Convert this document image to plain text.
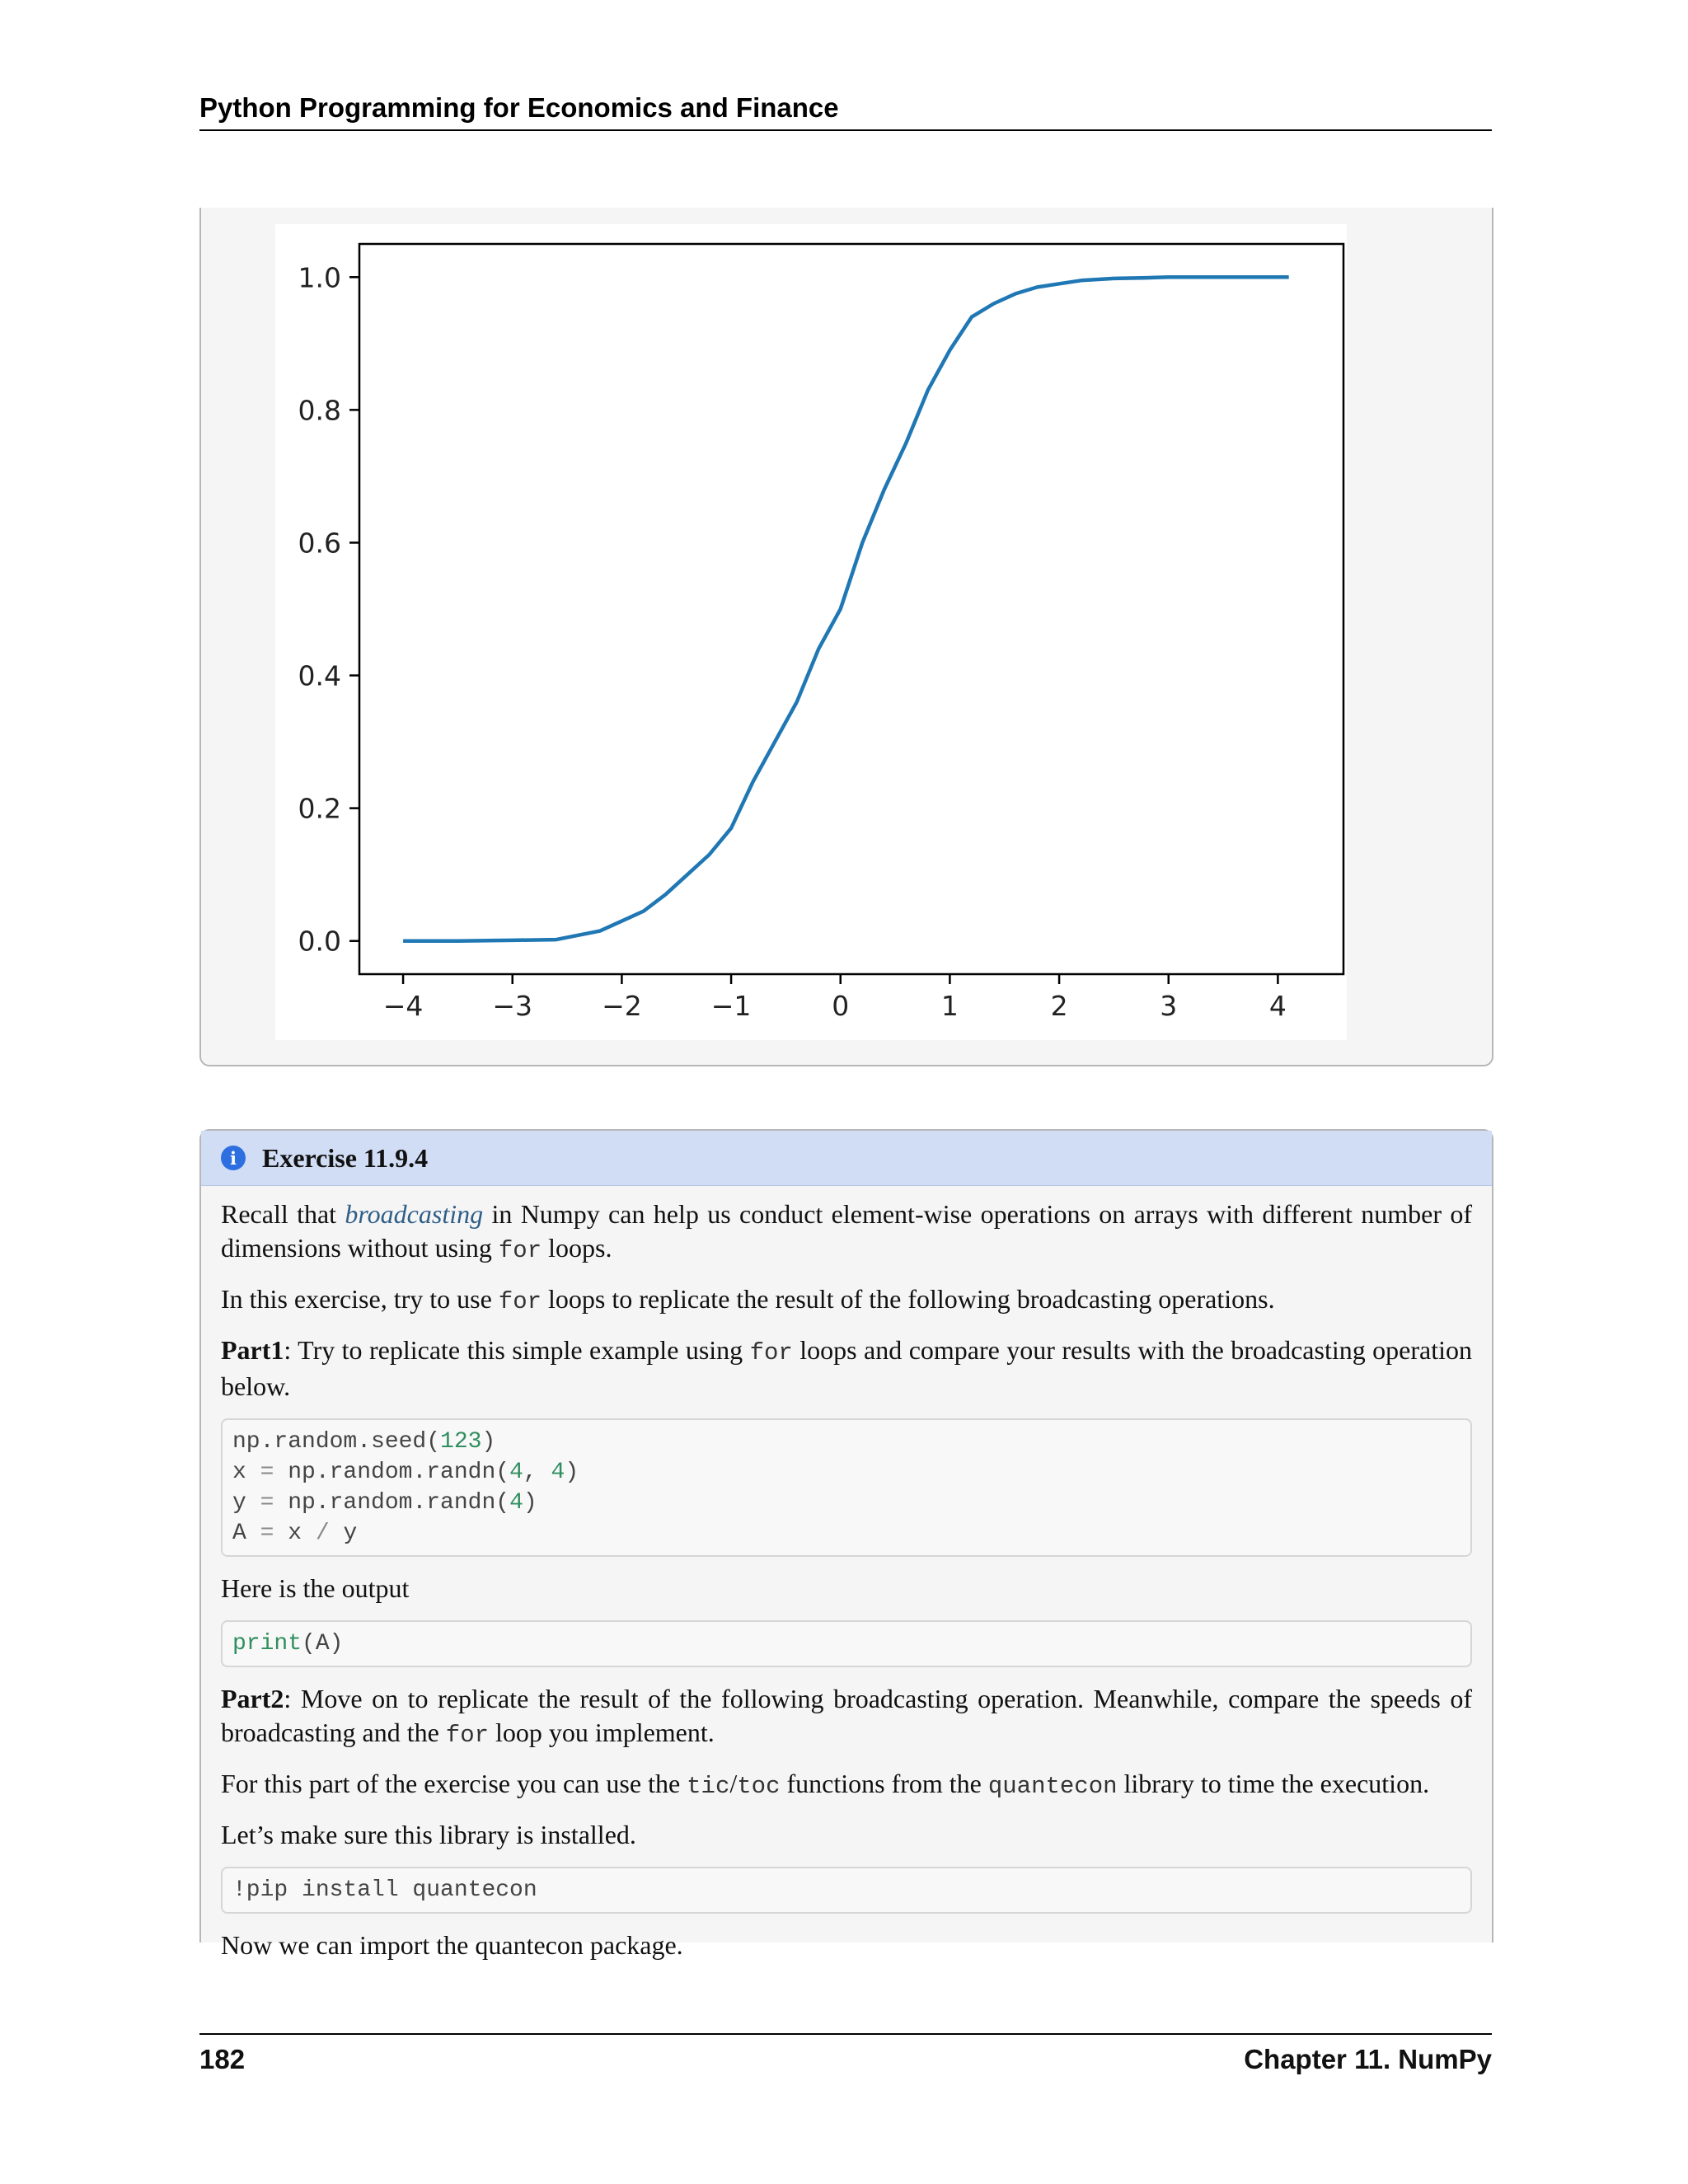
Python Programming for Economics and Finance
0.0
0.2
0.4
0.6
0.8
1.0
−4	−3	−2	−1	0	1	2	3	4
i Exercise 11.9.4

Recall that broadcasting in Numpy can help us conduct element-wise operations on arrays with different number of dimensions without using for loops.

In this exercise, try to use for loops to replicate the result of the following broadcasting operations.

Part1: Try to replicate this simple example using for loops and compare your results with the broadcasting operation below.

np.random.seed(123)
x = np.random.randn(4, 4)
y = np.random.randn(4)
A = x / y

Here is the output

print(A)

Part2: Move on to replicate the result of the following broadcasting operation. Meanwhile, compare the speeds of broadcasting and the for loop you implement.

For this part of the exercise you can use the tic/toc functions from the quantecon library to time the execution.

Let’s make sure this library is installed.

!pip install quantecon

Now we can import the quantecon package.

182	Chapter 11. NumPy
